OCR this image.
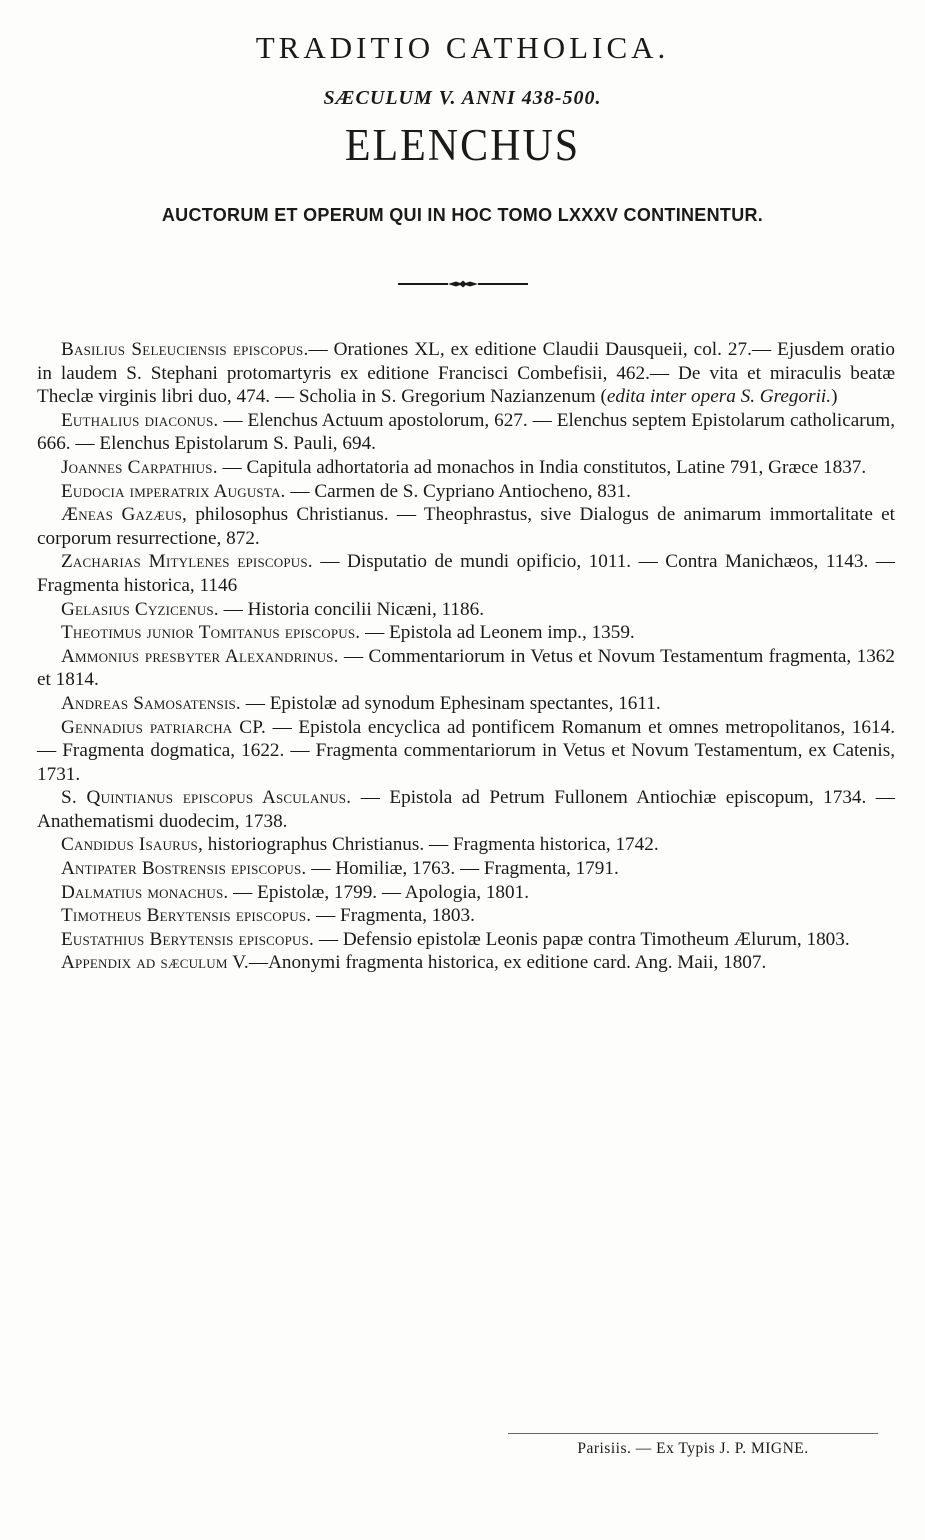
TRADITIO CATHOLICA.
SÆCULUM V. ANNI 438-500.
ELENCHUS
AUCTORUM ET OPERUM QUI IN HOC TOMO LXXXV CONTINENTUR.

Basilius Seleuciensis episcopus.— Orationes XL, ex editione Claudii Dausqueii, col. 27.— Ejusdem oratio in laudem S. Stephani protomartyris ex editione Francisci Combefisii, 462.— De vita et miraculis beatæ Theclæ virginis libri duo, 474. — Scholia in S. Gregorium Nazianzenum (edita inter opera S. Gregorii.)

Euthalius diaconus. — Elenchus Actuum apostolorum, 627. — Elenchus septem Epistolarum catholicarum, 666. — Elenchus Epistolarum S. Pauli, 694.

Joannes Carpathius. — Capitula adhortatoria ad monachos in India constitutos, Latine 791, Græce 1837.

Eudocia imperatrix Augusta. — Carmen de S. Cypriano Antiocheno, 831.

Æneas Gazæus, philosophus Christianus. — Theophrastus, sive Dialogus de animarum immortalitate et corporum resurrectione, 872.

Zacharias Mitylenes episcopus. — Disputatio de mundi opificio, 1011. — Contra Manichæos, 1143. — Fragmenta historica, 1146

Gelasius Cyzicenus. — Historia concilii Nicæni, 1186.

Theotimus junior Tomitanus episcopus. — Epistola ad Leonem imp., 1359.

Ammonius presbyter Alexandrinus. — Commentariorum in Vetus et Novum Testamentum fragmenta, 1362 et 1814.

Andreas Samosatensis. — Epistolæ ad synodum Ephesinam spectantes, 1611.

Gennadius patriarcha CP. — Epistola encyclica ad pontificem Romanum et omnes metropolitanos, 1614. — Fragmenta dogmatica, 1622. — Fragmenta commentariorum in Vetus et Novum Testamentum, ex Catenis, 1731.

S. Quintianus episcopus Asculanus. — Epistola ad Petrum Fullonem Antiochiæ episcopum, 1734. — Anathematismi duodecim, 1738.

Candidus Isaurus, historiographus Christianus. — Fragmenta historica, 1742.

Antipater Bostrensis episcopus. — Homiliæ, 1763. — Fragmenta, 1791.

Dalmatius monachus. — Epistolæ, 1799. — Apologia, 1801.

Timotheus Berytensis episcopus. — Fragmenta, 1803.

Eustathius Berytensis episcopus. — Defensio epistolæ Leonis papæ contra Timotheum Ælurum, 1803.

Appendix ad sæculum V.—Anonymi fragmenta historica, ex editione card. Ang. Maii, 1807.

Parisiis. — Ex Typis J. P. MIGNE.
